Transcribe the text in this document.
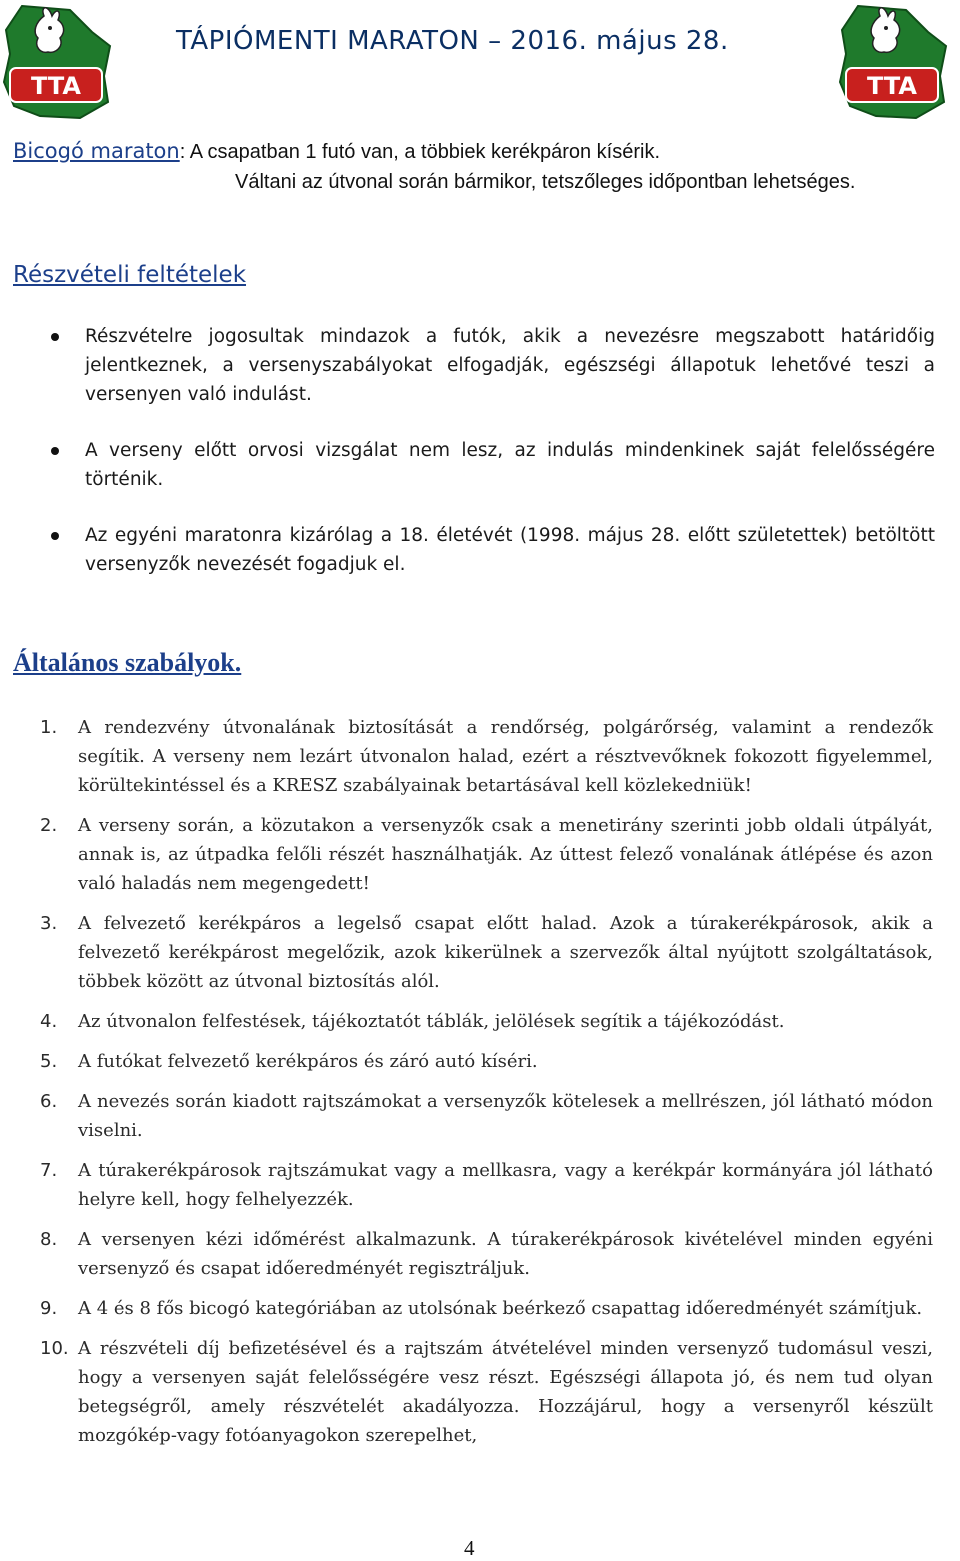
TTA
TÁPIÓMENTI MARATON – 2016. május 28.
TTA
Bicogó maraton: A csapatban 1 futó van, a többiek kerékpáron kísérik.
Váltani az útvonal során bármikor, tetszőleges időpontban lehetséges.
Részvételi feltételek
Részvételre jogosultak mindazok a futók, akik a nevezésre megszabott határidőig jelentkeznek, a versenyszabályokat elfogadják, egészségi állapotuk lehetővé teszi a versenyen való indulást.
A verseny előtt orvosi vizsgálat nem lesz, az indulás mindenkinek saját felelősségére történik.
Az egyéni maratonra kizárólag a 18. életévét (1998. május 28. előtt születettek) betöltött versenyzők nevezését fogadjuk el.
Általános szabályok.
1. A rendezvény útvonalának biztosítását a rendőrség, polgárőrség, valamint a rendezők segítik. A verseny nem lezárt útvonalon halad, ezért a résztvevőknek fokozott figyelemmel, körültekintéssel és a KRESZ szabályainak betartásával kell közlekedniük!
2. A verseny során, a közutakon a versenyzők csak a menetirány szerinti jobb oldali útpályát, annak is, az útpadka felőli részét használhatják. Az úttest felező vonalának átlépése és azon való haladás nem megengedett!
3. A felvezető kerékpáros a legelső csapat előtt halad. Azok a túrakerékpárosok, akik a felvezető kerékpárost megelőzik, azok kikerülnek a szervezők által nyújtott szolgáltatások, többek között az útvonal biztosítás alól.
4. Az útvonalon felfestések, tájékoztatót táblák, jelölések segítik a tájékozódást.
5. A futókat felvezető kerékpáros és záró autó kíséri.
6. A nevezés során kiadott rajtszámokat a versenyzők kötelesek a mellrészen, jól látható módon viselni.
7. A túrakerékpárosok rajtszámukat vagy a mellkasra, vagy a kerékpár kormányára jól látható helyre kell, hogy felhelyezzék.
8. A versenyen kézi időmérést alkalmazunk. A túrakerékpárosok kivételével minden egyéni versenyző és csapat időeredményét regisztráljuk.
9. A 4 és 8 fős bicogó kategóriában az utolsónak beérkező csapattag időeredményét számítjuk.
10. A részvételi díj befizetésével és a rajtszám átvételével minden versenyző tudomásul veszi, hogy a versenyen saját felelősségére vesz részt. Egészségi állapota jó, és nem tud olyan betegségről, amely részvételét akadályozza. Hozzájárul, hogy a versenyről készült mozgókép-vagy fotóanyagokon szerepelhet,
4
